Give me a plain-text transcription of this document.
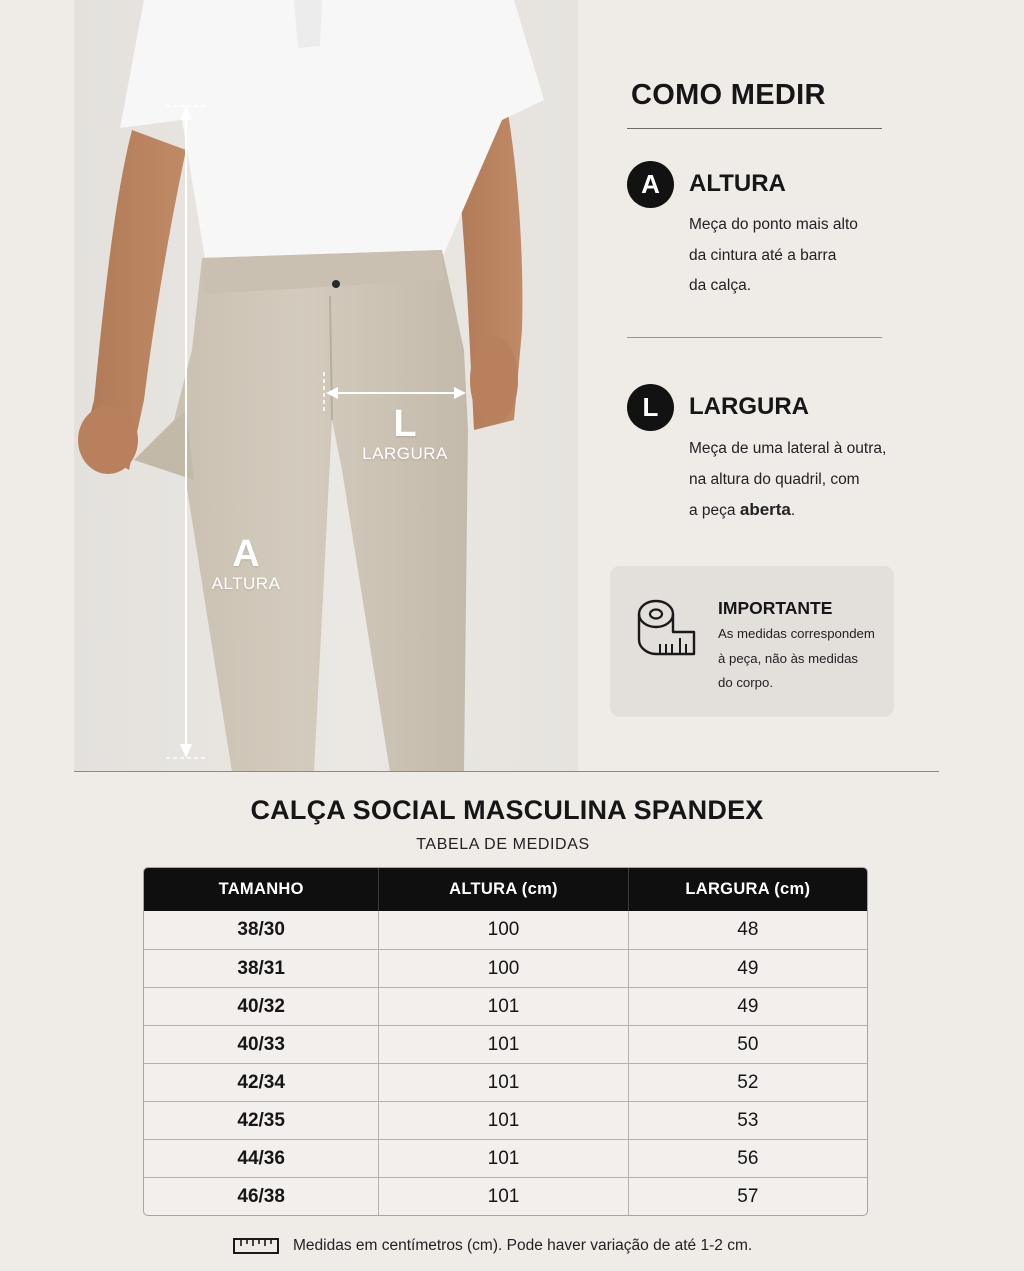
A
ALTURA
L
LARGURA
COMO MEDIR
A	ALTURA
Meça do ponto mais alto
da cintura até a barra
da calça.
L	LARGURA
Meça de uma lateral à outra,
na altura do quadril, com
a peça aberta.
IMPORTANTE
As medidas correspondem
à peça, não às medidas
do corpo.
CALÇA SOCIAL MASCULINA SPANDEX
TABELA DE MEDIDAS
TAMANHO	ALTURA (cm)	LARGURA (cm)
38/30	100	48
38/31	100	49
40/32	101	49
40/33	101	50
42/34	101	52
42/35	101	53
44/36	101	56
46/38	101	57
Medidas em centímetros (cm). Pode haver variação de até 1-2 cm.
